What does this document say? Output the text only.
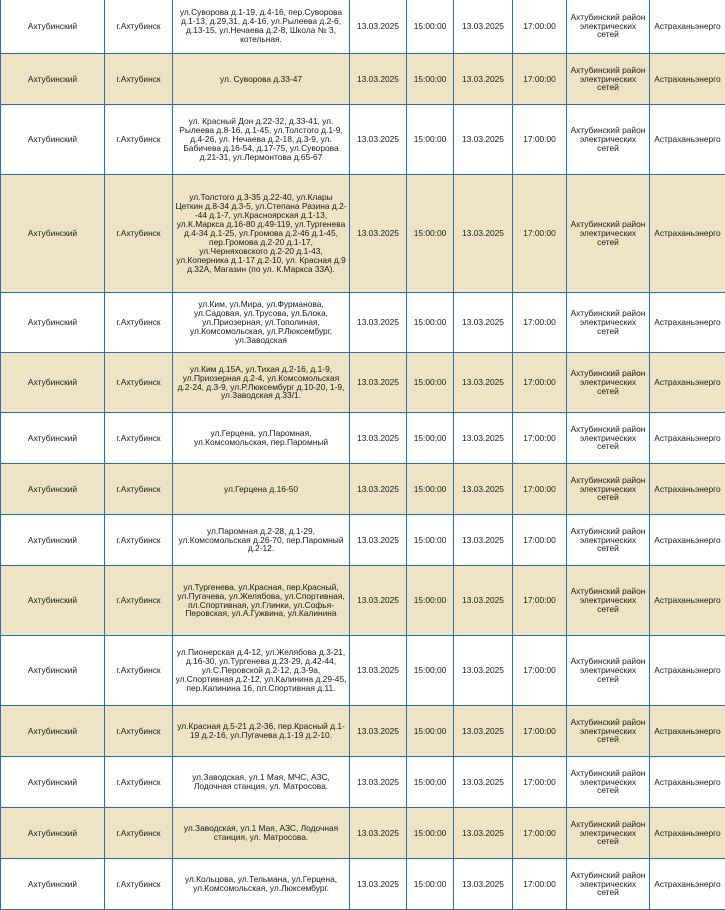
Ахтубинский	г.Ахтубинск	ул.Суворова д.1-19, д.4-16, пер.Суворова д.1-13, д.29,31, д.4-16, ул.Рылеева д.2-6, д.13-15, ул.Нечаева д.2-8, Школа № 3, котельная.	13.03.2025	15:00:00	13.03.2025	17:00:00	Ахтубинский район электрических сетей	Астраханьэнерго
Ахтубинский	г.Ахтубинск	ул. Суворова д.33-47	13.03.2025	15:00:00	13.03.2025	17:00:00	Ахтубинский район электрических сетей	Астраханьэнерго
Ахтубинский	г.Ахтубинск	ул. Красный Дон д.22-32, д.33-41, ул. Рылеева д.8-16, д.1-45, ул.Толстого д.1-9, д.4-26, ул. Нечаева д.2-18, д.3-9, ул. Бабичева д.16-54, д.17-75, ул.Суворова д.21-31, ул.Лермонтова д.65-67	13.03.2025	15:00:00	13.03.2025	17:00:00	Ахтубинский район электрических сетей	Астраханьэнерго
Ахтубинский	г.Ахтубинск	ул.Толстого д.3-35 д.22-40, ул.Клары Цеткин д.8-34 д.3-5, ул.Степана Разина д.2--44 д.1-7, ул.Красноярская д.1-13, ул.К.Маркса д.16-80 д.49-119, ул.Тургенева д.4-34 д.1-25, ул.Громова д.2-46 д.1-45, пер.Громова д.2-20 д.1-17, ул.Черняховского д.2-20 д.1-43, ул.Коперника д.1-17 д.2-10, ул. Красная д.9 д.32А, Магазин (по ул. К.Маркса 33А).	13.03.2025	15:00:00	13.03.2025	17:00:00	Ахтубинский район электрических сетей	Астраханьэнерго
Ахтубинский	г.Ахтубинск	ул.Ким, ул.Мира, ул.Фурманова, ул.Садовая, ул.Трусова, ул.Блока, ул.Приозерная, ул.Тополиная, ул.Комсомольская, ул.Р.Люксембург, ул.Заводская	13.03.2025	15:00:00	13.03.2025	17:00:00	Ахтубинский район электрических сетей	Астраханьэнерго
Ахтубинский	г.Ахтубинск	ул.Ким д.15А, ул.Тихая д.2-16, д.1-9, ул.Приозерная д.2-4, ул.Комсомольская д.2-24, д.3-9, ул.Р.Люксембург д.10-20, 1-9, ул.Заводская д.33/1.	13.03.2025	15:00:00	13.03.2025	17:00:00	Ахтубинский район электрических сетей	Астраханьэнерго
Ахтубинский	г.Ахтубинск	ул.Герцена, ул.Паромная, ул.Комсомольская, пер.Паромный	13.03.2025	15:00:00	13.03.2025	17:00:00	Ахтубинский район электрических сетей	Астраханьэнерго
Ахтубинский	г.Ахтубинск	ул.Герцена д.16-50	13.03.2025	15:00:00	13.03.2025	17:00:00	Ахтубинский район электрических сетей	Астраханьэнерго
Ахтубинский	г.Ахтубинск	ул.Паромная д.2-28, д.1-29, ул.Комсомольская д.26-70, пер.Паромный д.2-12.	13.03.2025	15:00:00	13.03.2025	17:00:00	Ахтубинский район электрических сетей	Астраханьэнерго
Ахтубинский	г.Ахтубинск	ул.Тургенева, ул.Красная, пер.Красный, ул.Пугачева, ул.Желябова, ул.Спортивная, пл.Спортивная, ул.Глинки, ул.Софья-Перовская, ул.А.Гужвина, ул.Калинина	13.03.2025	15:00:00	13.03.2025	17:00:00	Ахтубинский район электрических сетей	Астраханьэнерго
Ахтубинский	г.Ахтубинск	ул.Пионерская д.4-12, ул.Желябова д.3-21, д.16-30, ул.Тургенева д.23-29, д.42-44, ул.С.Перовской д.2-12, д.3-9а, ул.Спортивная д.2-12, ул.Калинина д.29-45, пер.Калинина 16, пл.Спортивная д.11.	13.03.2025	15:00:00	13.03.2025	17:00:00	Ахтубинский район электрических сетей	Астраханьэнерго
Ахтубинский	г.Ахтубинск	ул.Красная д.5-21 д.2-36, пер.Красный д.1-19 д.2-16, ул.Пугачева д.1-19 д.2-10.	13.03.2025	15:00:00	13.03.2025	17:00:00	Ахтубинский район электрических сетей	Астраханьэнерго
Ахтубинский	г.Ахтубинск	ул.Заводская, ул.1 Мая, МЧС, АЗС, Лодочная станция, ул. Матросова.	13.03.2025	15:00:00	13.03.2025	17:00:00	Ахтубинский район электрических сетей	Астраханьэнерго
Ахтубинский	г.Ахтубинск	ул.Заводская, ул.1 Мая, АЗС, Лодочная станция, ул. Матросова.	13.03.2025	15:00:00	13.03.2025	17:00:00	Ахтубинский район электрических сетей	Астраханьэнерго
Ахтубинский	г.Ахтубинск	ул.Кольцова, ул.Тельмана, ул.Герцена, ул.Комсомольская, ул.Люксембург.	13.03.2025	15:00:00	13.03.2025	17:00:00	Ахтубинский район электрических сетей	Астраханьэнерго
